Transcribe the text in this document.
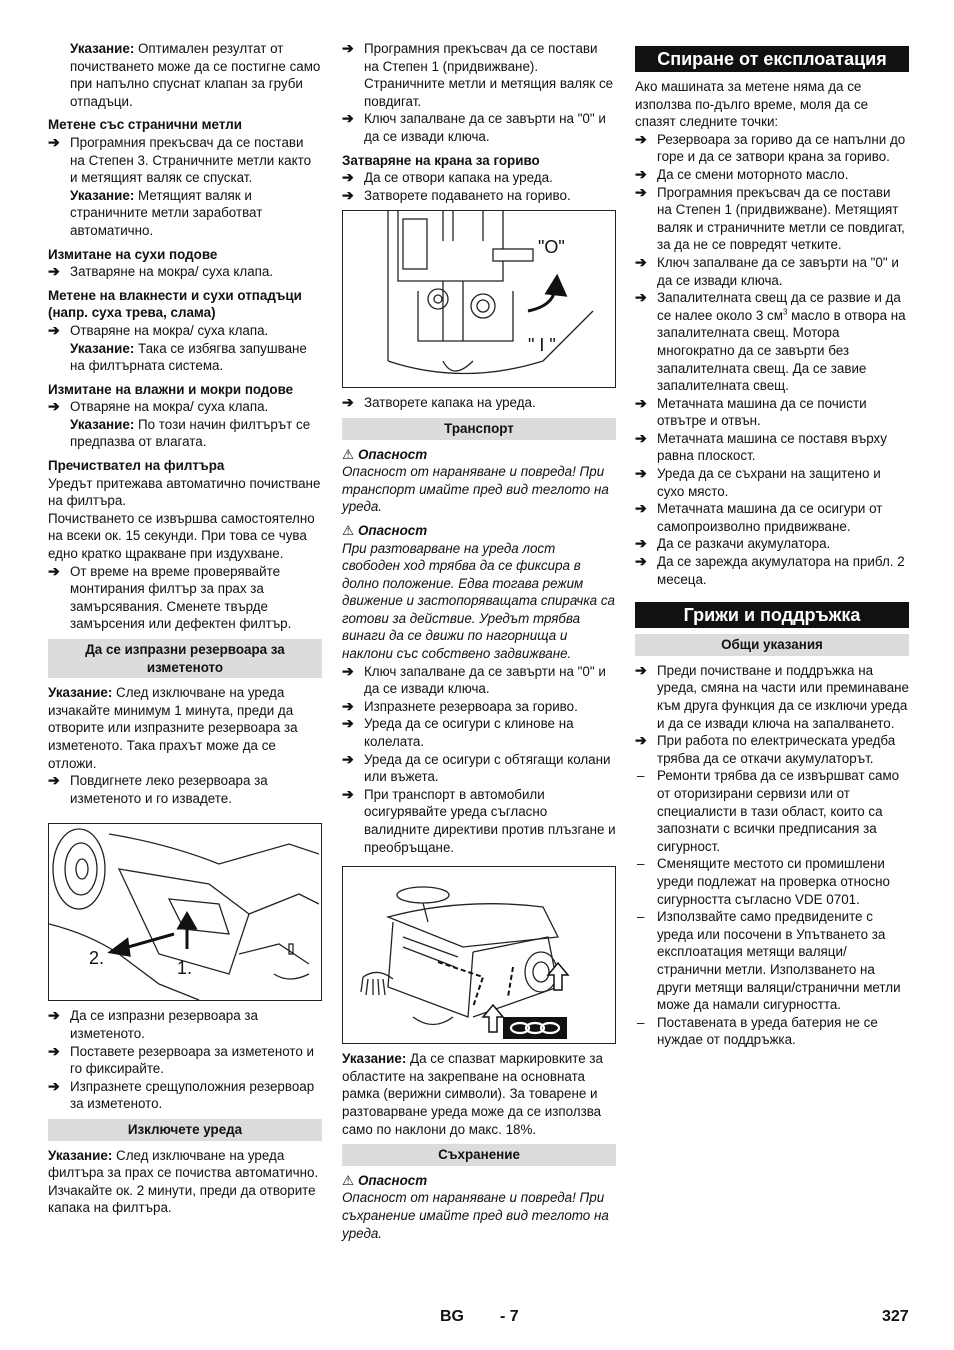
Указание: Оптимален резултат от почистването може да се постигне само при напълно спуснат клапан за груби отпадъци.

Метене със странични метли

➔ Програмния прекъсвач да се постави на Степен 3. Страничните метли както и метящият валяк се спускат.

Указание: Метящият валяк и страничните метли заработват автоматично.

Измитане на сухи подове

➔ Затваряне на мокра/ суха клапа.

Метене на влакнести и сухи отпадъци (напр. суха трева, слама)

➔ Отваряне на мокра/ суха клапа.

Указание: Така се избягва запушване на филтърната система.

Измитане на влажни и мокри подове

➔ Отваряне на мокра/ суха клапа.

Указание: По този начин филтърът се предпазва от влагата.

Пречиствател на филтъра

Уредът притежава автоматично почистване на филтъра.

Почистването се извършва самостоятелно на всеки ок. 15 секунди. При това се чува едно кратко щракване при издухване.

➔ От време на време проверявайте монтирания филтър за прах за замърсявания. Сменете твърде замърсения или дефектен филтър.

Да се изпразни резервоара за изметеното

Указание: След изключване на уреда изчакайте минимум 1 минута, преди да отворите или изпразните резервоара за изметеното. Така прахът може да се отложи.

➔ Повдигнете леко резервоара за изметеното и го извадете.

2.	1.

➔ Да се изпразни резервоара за изметеното.

➔ Поставете резервоара за изметеното и го фиксирайте.

➔ Изпразнете срещуположния резервоар за изметеното.

Изключете уреда

Указание: След изключване на уреда филтъра за прах се почиства автоматично. Изчакайте ок. 2 минути, преди да отворите капака на филтъра.

➔ Програмния прекъсвач да се постави на Степен 1 (придвижване). Страничните метли и метящия валяк се повдигат.

➔ Ключ запалване да се завърти на "0" и да се извади ключа.

Затваряне на крана за гориво

➔ Да се отвори капака на уреда.

➔ Затворете подаването на гориво.

"O"
" I "

➔ Затворете капака на уреда.

Транспорт

⚠ Опасност

Опасност от нараняване и повреда! При транспорт имайте пред вид теглото на уреда.

⚠ Опасност

При разтоварване на уреда лост свободен ход трябва да се фиксира в долно положение. Едва тогава режим движение и застопоряващата спирачка са готови за действие. Уредът трябва винаги да се движи по нагорнища и наклони със собствено задвижване.

➔ Ключ запалване да се завърти на "0" и да се извади ключа.

➔ Изпразнете резервоара за гориво.

➔ Уреда да се осигури с клинове на колелата.

➔ Уреда да се осигури с обтягащи колани или въжета.

➔ При транспорт в автомобили осигурявайте уреда съгласно валидните директиви против плъзгане и преобръщане.

Указание: Да се спазват маркировките за областите на закрепване на основната рамка (верижни символи). За товарене и разтоварване уреда може да се използва само по наклони до макс. 18%.

Съхранение

⚠ Опасност

Опасност от нараняване и повреда! При съхранение имайте пред вид теглото на уреда.

Спиране от експлоатация

Ако машината за метене няма да се използва по-дълго време, моля да се спазят следните точки:

➔ Резервоара за гориво да се напълни до горе и да се затвори крана за гориво.

➔ Да се смени моторното масло.

➔ Програмния прекъсвач да се постави на Степен 1 (придвижване). Метящият валяк и страничните метли се повдигат, за да не се повредят четките.

➔ Ключ запалване да се завърти на "0" и да се извади ключа.

➔ Запалителната свещ да се развие и да се налее около 3 $см^3$ масло в отвора на запалителната свещ. Мотора многократно да се завърти без запалителната свещ. Да се завие запалителната свещ.

➔ Метачната машина да се почисти отвътре и отвън.

➔ Метачната машина се поставя върху равна плоскост.

➔ Уреда да се съхрани на защитено и сухо място.

➔ Метачната машина да се осигури от самопроизволно придвижване.

➔ Да се разкачи акумулатора.

➔ Да се зарежда акумулатора на прибл. 2 месеца.

Грижи и поддръжка
Общи указания

➔ Преди почистване и поддръжка на уреда, смяна на части или преминаване към друга функция да се изключи уреда и да се извади ключа на запалването.

➔ При работа по електрическата уредба трябва да се откачи акумулаторът.

– Ремонти трябва да се извършват само от оторизирани сервизи или от специалисти в тази област, които са запознати с всички предписания за сигурност.

– Сменящите местото си промишлени уреди подлежат на проверка относно сигурността съгласно VDE 0701.

– Използвайте само предвидените с уреда или посочени в Упътването за експлоатация метящи валяци/странични метли. Използването на други метящи валяци/странични метли може да намали сигурността.

– Поставената в уреда батерия не се нуждае от поддръжка.

BG - 7	327
